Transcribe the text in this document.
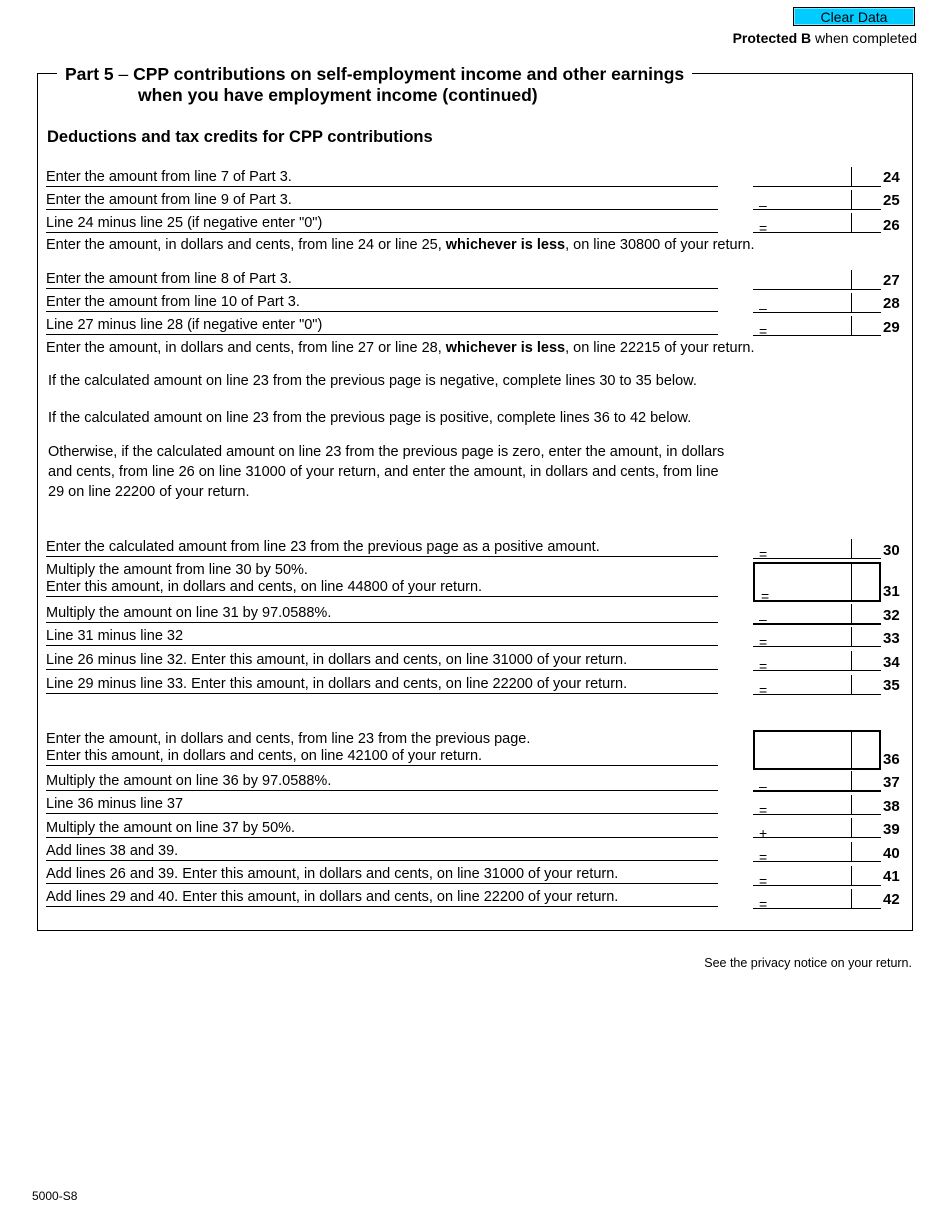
Clear Data
Protected B when completed
Part 5 – CPP contributions on self-employment income and other earnings
when you have employment income (continued)
Deductions and tax credits for CPP contributions
Enter the amount from line 7 of Part 3.	24
Enter the amount from line 9 of Part 3.	–	25
Line 24 minus line 25 (if negative enter "0")	=	26
Enter the amount, in dollars and cents, from line 24 or line 25, whichever is less, on line 30800 of your return.
Enter the amount from line 8 of Part 3.	27
Enter the amount from line 10 of Part 3.	–	28
Line 27 minus line 28 (if negative enter "0")	=	29
Enter the amount, in dollars and cents, from line 27 or line 28, whichever is less, on line 22215 of your return.
If the calculated amount on line 23 from the previous page is negative, complete lines 30 to 35 below.
If the calculated amount on line 23 from the previous page is positive, complete lines 36 to 42 below.
Otherwise, if the calculated amount on line 23 from the previous page is zero, enter the amount, in dollars and cents, from line 26 on line 31000 of your return, and enter the amount, in dollars and cents, from line 29 on line 22200 of your return.
Enter the calculated amount from line 23 from the previous page as a positive amount.	=	30
Multiply the amount from line 30 by 50%.
Enter this amount, in dollars and cents, on line 44800 of your return.
=	31
Multiply the amount on line 31 by 97.0588%.	–	32
Line 31 minus line 32	=	33
Line 26 minus line 32. Enter this amount, in dollars and cents, on line 31000 of your return.	=	34
Line 29 minus line 33. Enter this amount, in dollars and cents, on line 22200 of your return.	=	35
Enter the amount, in dollars and cents, from line 23 from the previous page.
Enter this amount, in dollars and cents, on line 42100 of your return.	36
Multiply the amount on line 36 by 97.0588%.	–	37
Line 36 minus line 37	=	38
Multiply the amount on line 37 by 50%.	+	39
Add lines 38 and 39.	=	40
Add lines 26 and 39. Enter this amount, in dollars and cents, on line 31000 of your return.	=	41
Add lines 29 and 40. Enter this amount, in dollars and cents, on line 22200 of your return.	=	42
See the privacy notice on your return.
5000-S8
